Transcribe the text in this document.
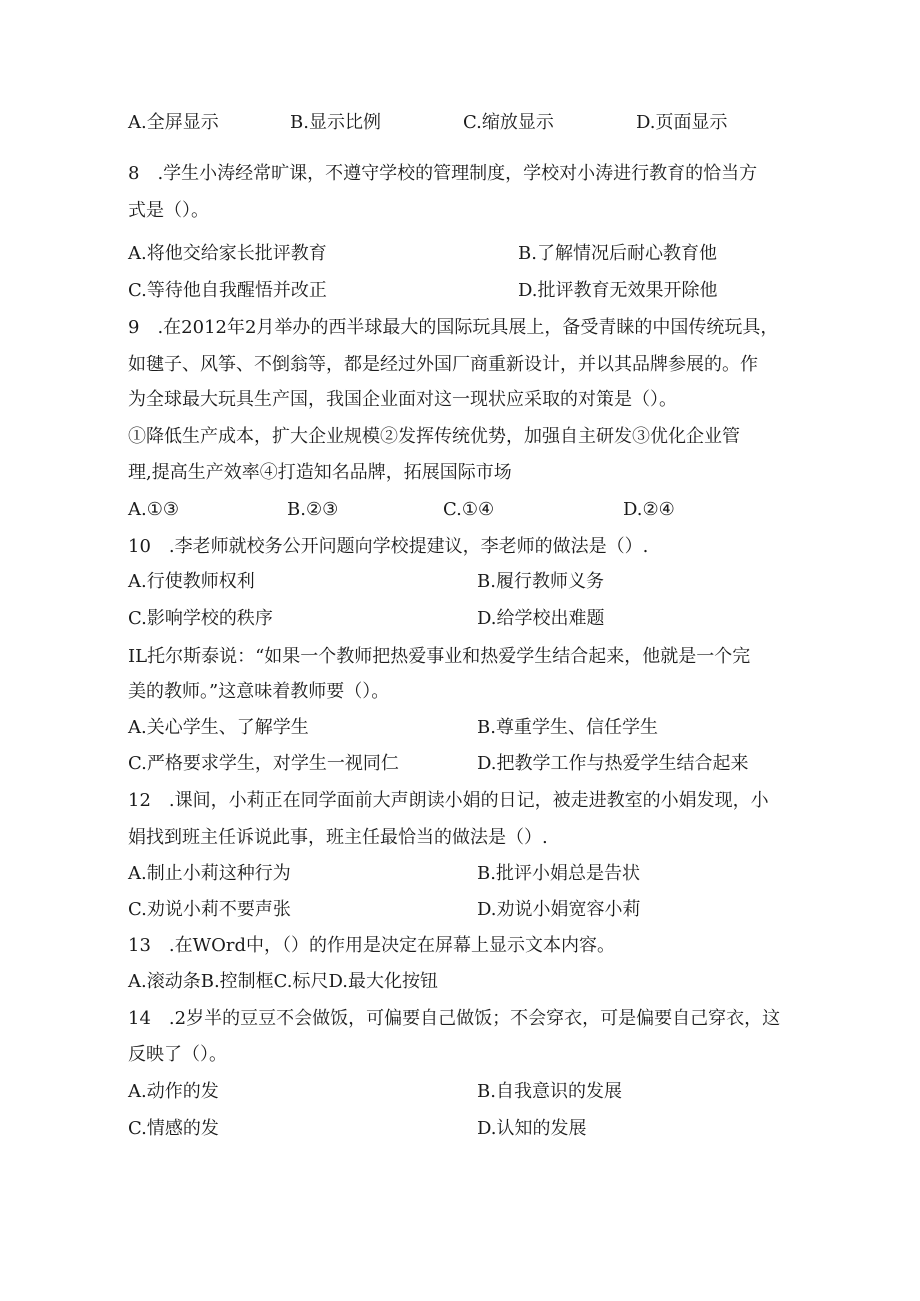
A.全屏显示	B.显示比例	C.缩放显示	D.页面显示
8　.学生小涛经常旷课，不遵守学校的管理制度，学校对小涛进行教育的恰当方
式是（）。
A.将他交给家长批评教育	B.了解情况后耐心教育他
C.等待他自我醒悟并改正	D.批评教育无效果开除他
9　.在2012年2月举办的西半球最大的国际玩具展上，备受青睐的中国传统玩具，
如毽子、风筝、不倒翁等，都是经过外国厂商重新设计，并以其品牌参展的。作
为全球最大玩具生产国，我国企业面对这一现状应采取的对策是（）。
①降低生产成本，扩大企业规模②发挥传统优势，加强自主研发③优化企业管
理,提高生产效率④打造知名品牌，拓展国际市场
A.①③	B.②③	C.①④	D.②④
10　.李老师就校务公开问题向学校提建议，李老师的做法是（）.
A.行使教师权利	B.履行教师义务
C.影响学校的秩序	D.给学校出难题
IL托尔斯泰说：“如果一个教师把热爱事业和热爱学生结合起来，他就是一个完
美的教师。”这意味着教师要（）。
A.关心学生、了解学生	B.尊重学生、信任学生
C.严格要求学生，对学生一视同仁	D.把教学工作与热爱学生结合起来
12　.课间，小莉正在同学面前大声朗读小娟的日记，被走进教室的小娟发现，小
娟找到班主任诉说此事，班主任最恰当的做法是（）.
A.制止小莉这种行为	B.批评小娟总是告状
C.劝说小莉不要声张	D.劝说小娟宽容小莉
13　.在WOrd中，（）的作用是决定在屏幕上显示文本内容。
A.滚动条B.控制框C.标尺D.最大化按钮
14　.2岁半的豆豆不会做饭，可偏要自己做饭；不会穿衣，可是偏要自己穿衣，这
反映了（）。
A.动作的发	B.自我意识的发展
C.情感的发	D.认知的发展
